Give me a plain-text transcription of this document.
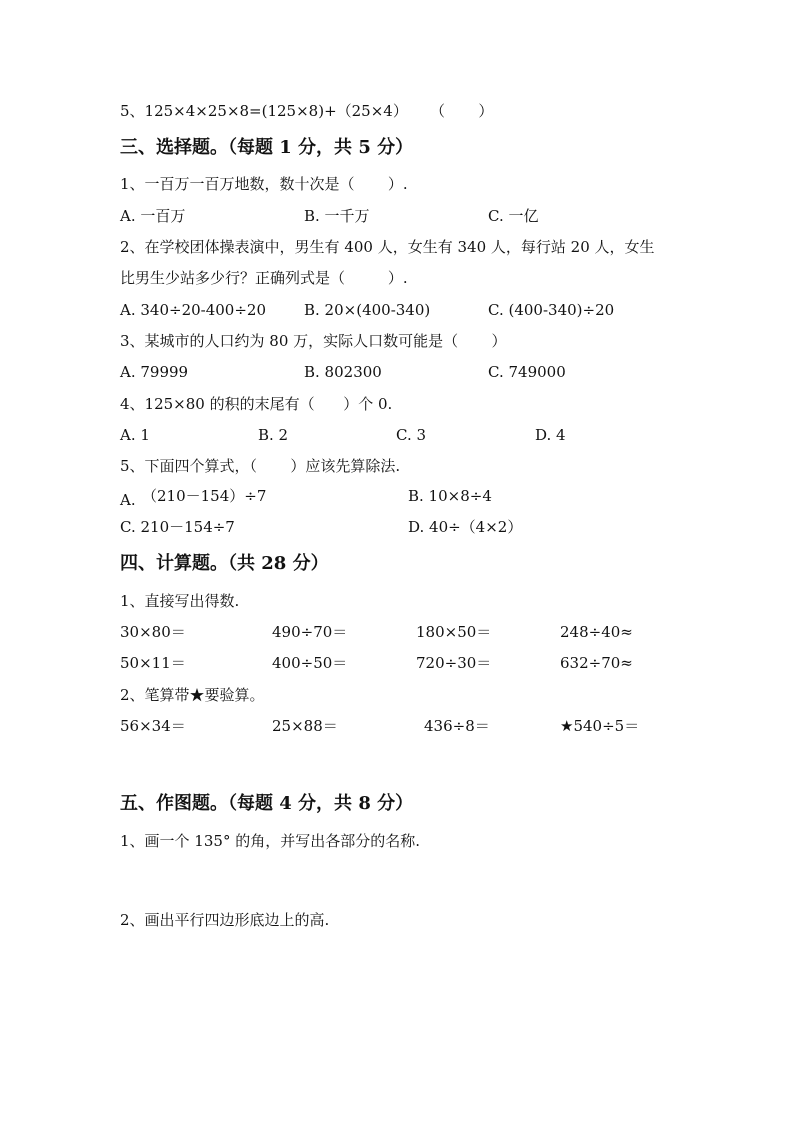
5、125×4×25×8=(125×8)+（25×4） （       ）
三、选择题。（每题 1 分，共 5 分）
1、一百万一百万地数，数十次是（       ）.
A. 一百万	B. 一千万	C. 一亿
2、在学校团体操表演中，男生有 400 人，女生有 340 人，每行站 20 人，女生
比男生少站多少行？正确列式是（         ）.
A. 340÷20-400÷20	B. 20×(400-340)	C. (400-340)÷20
3、某城市的人口约为 80 万，实际人口数可能是（       ）
A. 79999	B. 802300	C. 749000
4、125×80 的积的末尾有（      ）个 0.
A. 1	B. 2	C. 3	D. 4
5、下面四个算式，（       ）应该先算除法.
A. （210－154）÷7	B. 10×8÷4
C. 210－154÷7	D. 40÷（4×2）
四、计算题。（共 28 分）
1、直接写出得数.
30×80＝	490÷70＝	180×50＝	248÷40≈
50×11＝	400÷50＝	720÷30＝	632÷70≈
2、笔算带★要验算。
56×34＝	25×88＝	436÷8＝	★540÷5＝
五、作图题。（每题 4 分，共 8 分）
1、画一个 135° 的角，并写出各部分的名称.
2、画出平行四边形底边上的高.
